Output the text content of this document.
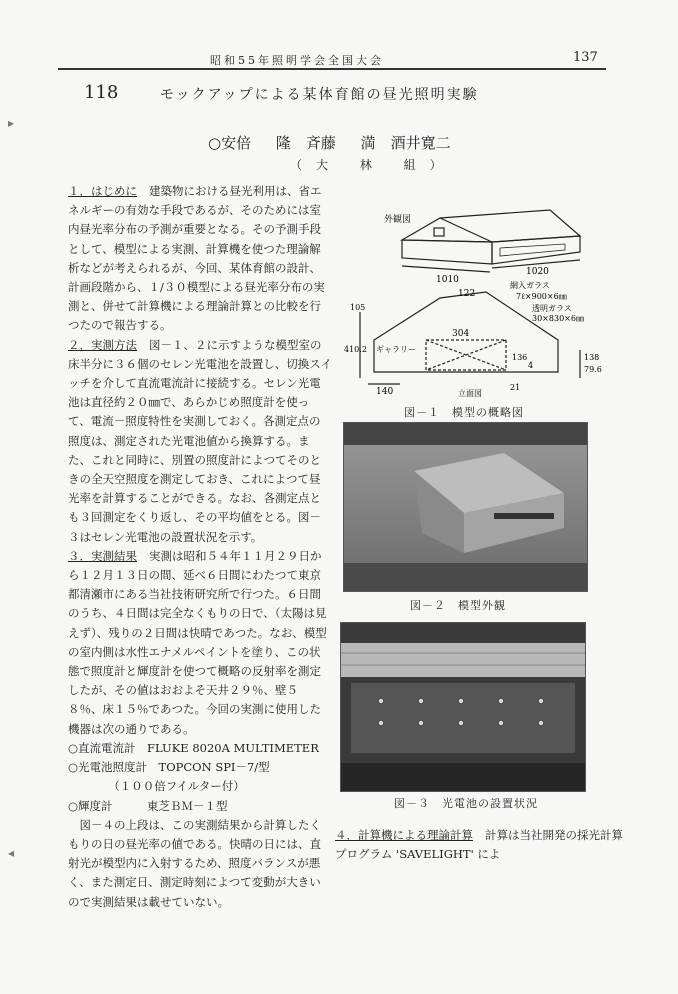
昭和55年照明学会全国大会	137
118	モックアップによる某体育館の昼光照明実験
○安倍 隆　斉藤 満　酒井寛二
（大 林 組）

１．はじめに 建築物における昼光利用は、省エネルギーの有効な手段であるが、そのためには室内昼光率分布の予測が重要となる。その予測手段として、模型による実測、計算機を使つた理論解析などが考えられるが、今回、某体育館の設計、計画段階から、１/３０模型による昼光率分布の実測と、併せて計算機による理論計算との比較を行つたので報告する。

２．実測方法 図－１、２に示すような模型室の床半分に３６個のセレン光電池を設置し、切換スイッチを介して直流電流計に接続する。セレン光電池は直径約２０㎜で、あらかじめ照度計を使って、電流－照度特性を実測しておく。各測定点の照度は、測定された光電池値から換算する。また、これと同時に、別置の照度計によつてそのときの全天空照度を測定しておき、これによつて昼光率を計算することができる。なお、各測定点とも３回測定をくり返し、その平均値をとる。図－３はセレン光電池の設置状況を示す。

３．実測結果 実測は昭和５４年１１月２９日から１２月１３日の間、延べ６日間にわたつて東京都清瀬市にある当社技術研究所で行つた。６日間のうち、４日間は完全なくもりの日で、（太陽は見えず）、残りの２日間は快晴であつた。なお、模型の室内側は水性エナメルペイントを塗り、この状態で照度計と輝度計を使つて概略の反射率を測定したが、その値はおおよそ天井２９％、壁５８％、床１５％であつた。今回の実測に使用した機器は次の通りである。

○直流電流計　FLUKE 8020A MULTIMETER

○光電池照度計　TOPCON SPI－7/型

　　　　（１００倍フイルター付）

○輝度計　　　東芝ＢＭ－１型

　図－４の上段は、この実測結果から計算したくもりの日の昼光率の値である。快晴の日には、直射光が模型内に入射するため、照度バランスが悪く、また測定日、測定時刻によつて変動が大きいので実測結果は載せていない。

外観図
1010
1020
網入ガラス
7ℓ×900×6㎜
透明ガラス
30×830×6㎜
122
105
304
410.2 ギャラリー
136
4
138
79.6
140	21
立面図
図－１　模型の概略図
図－２　模型外観
図－３　光電池の設置状況
４．計算機による理論計算 計算は当社開発の採光計算プログラム 'SAVELIGHT' によ
▸
◂
